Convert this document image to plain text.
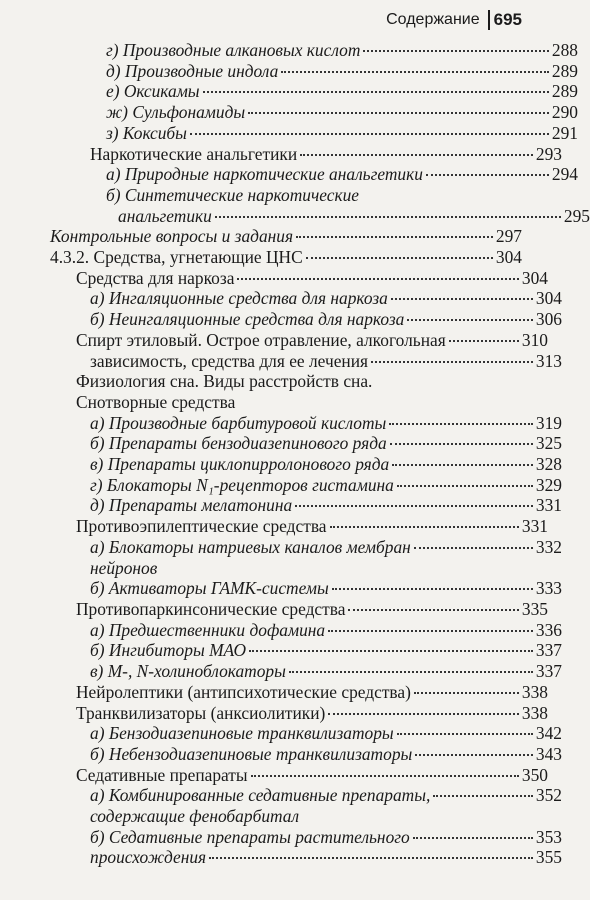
Содержание 695
г) Производные алкановых кислот	288
д) Производные индола	289
е) Оксикамы	289
ж) Сульфонамиды	290
з) Коксибы	291
Наркотические анальгетики	293
а) Природные наркотические анальгетики	294
б) Синтетические наркотические
анальгетики	295
Контрольные вопросы и задания	297
4.3.2. Средства, угнетающие ЦНС	304
Средства для наркоза	304
а) Ингаляционные средства для наркоза	304
б) Неингаляционные средства для наркоза	306
Спирт этиловый. Острое отравление, алкогольная	310
зависимость, средства для ее лечения	313
Физиология сна. Виды расстройств сна.
Снотворные средства
а) Производные барбитуровой кислоты	319
б) Препараты бензодиазепинового ряда	325
в) Препараты циклопирролонового ряда	328
г) Блокаторы N₁-рецепторов гистамина	329
д) Препараты мелатонина	331
Противоэпилептические средства	331
а) Блокаторы натриевых каналов мембран	332
нейронов
б) Активаторы ГАМК-системы	333
Противопаркинсонические средства	335
а) Предшественники дофамина	336
б) Ингибиторы МАО	337
в) М-, N-холиноблокаторы	337
Нейролептики (антипсихотические средства)	338
Транквилизаторы (анксиолитики)	338
а) Бензодиазепиновые транквилизаторы	342
б) Небензодиазепиновые транквилизаторы	343
Седативные препараты	350
а) Комбинированные седативные препараты,	352
содержащие фенобарбитал
б) Седативные препараты растительного	353
происхождения	355
